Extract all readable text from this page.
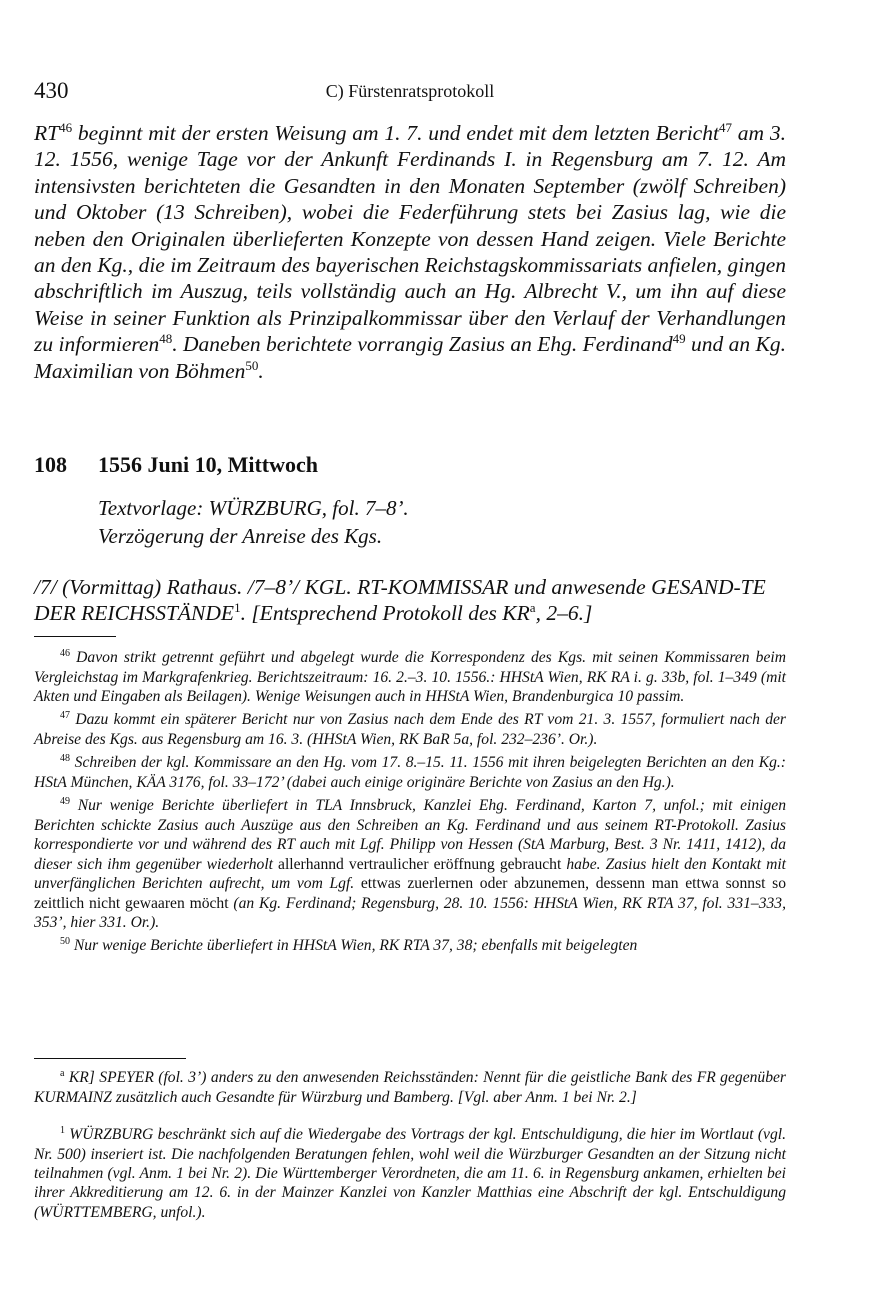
430	C) Fürstenratsprotokoll

RT$^{46}$ beginnt mit der ersten Weisung am 1. 7. und endet mit dem letzten Bericht$^{47}$ am 3. 12. 1556, wenige Tage vor der Ankunft Ferdinands I. in Regensburg am 7. 12. Am intensivsten berichteten die Gesandten in den Monaten September (zwölf Schreiben) und Oktober (13 Schreiben), wobei die Federführung stets bei Zasius lag, wie die neben den Originalen überlieferten Konzepte von dessen Hand zeigen. Viele Berichte an den Kg., die im Zeitraum des bayerischen Reichstagskommissariats anfielen, gingen abschriftlich im Auszug, teils vollständig auch an Hg. Albrecht V., um ihn auf diese Weise in seiner Funktion als Prinzipalkommissar über den Verlauf der Verhandlungen zu informieren$^{48}$. Daneben berichtete vorrangig Zasius an Ehg. Ferdinand$^{49}$ und an Kg. Maximilian von Böhmen$^{50}$.

108 1556 Juni 10, Mittwoch
Textvorlage: WÜRZBURG, fol. 7–8’.
Verzögerung der Anreise des Kgs.

/7/ (Vormittag) Rathaus. /7–8’/ KGL. RT-KOMMISSAR und anwesende GESAND-TE DER REICHSSTÄNDE$^1$. [Entsprechend Protokoll des KR$^a$, 2–6.]

$^{46}$ Davon strikt getrennt geführt und abgelegt wurde die Korrespondenz des Kgs. mit seinen Kommissaren beim Vergleichstag im Markgrafenkrieg. Berichtszeitraum: 16. 2.–3. 10. 1556.: HHStA Wien, RK RA i. g. 33b, fol. 1–349 (mit Akten und Eingaben als Beilagen). Wenige Weisungen auch in HHStA Wien, Brandenburgica 10 passim.

$^{47}$ Dazu kommt ein späterer Bericht nur von Zasius nach dem Ende des RT vom 21. 3. 1557, formuliert nach der Abreise des Kgs. aus Regensburg am 16. 3. (HHStA Wien, RK BaR 5a, fol. 232–236’. Or.).

$^{48}$ Schreiben der kgl. Kommissare an den Hg. vom 17. 8.–15. 11. 1556 mit ihren beigelegten Berichten an den Kg.: HStA München, KÄA 3176, fol. 33–172’ (dabei auch einige originäre Berichte von Zasius an den Hg.).

$^{49}$ Nur wenige Berichte überliefert in TLA Innsbruck, Kanzlei Ehg. Ferdinand, Karton 7, unfol.; mit einigen Berichten schickte Zasius auch Auszüge aus den Schreiben an Kg. Ferdinand und aus seinem RT-Protokoll. Zasius korrespondierte vor und während des RT auch mit Lgf. Philipp von Hessen (StA Marburg, Best. 3 Nr. 1411, 1412), da dieser sich ihm gegenüber wiederholt allerhannd vertraulicher eröffnung gebraucht habe. Zasius hielt den Kontakt mit unverfänglichen Berichten aufrecht, um vom Lgf. ettwas zuerlernen oder abzunemen, dessenn man ettwa sonnst so zeittlich nicht gewaaren möcht (an Kg. Ferdinand; Regensburg, 28. 10. 1556: HHStA Wien, RK RTA 37, fol. 331–333, 353’, hier 331. Or.).

$^{50}$ Nur wenige Berichte überliefert in HHStA Wien, RK RTA 37, 38; ebenfalls mit beigelegten

$^a$ KR] SPEYER (fol. 3’) anders zu den anwesenden Reichsständen: Nennt für die geistliche Bank des FR gegenüber KURMAINZ zusätzlich auch Gesandte für Würzburg und Bamberg. [Vgl. aber Anm. 1 bei Nr. 2.]

$^1$ WÜRZBURG beschränkt sich auf die Wiedergabe des Vortrags der kgl. Entschuldigung, die hier im Wortlaut (vgl. Nr. 500) inseriert ist. Die nachfolgenden Beratungen fehlen, wohl weil die Würzburger Gesandten an der Sitzung nicht teilnahmen (vgl. Anm. 1 bei Nr. 2). Die Württemberger Verordneten, die am 11. 6. in Regensburg ankamen, erhielten bei ihrer Akkreditierung am 12. 6. in der Mainzer Kanzlei von Kanzler Matthias eine Abschrift der kgl. Entschuldigung (WÜRTTEMBERG, unfol.).
